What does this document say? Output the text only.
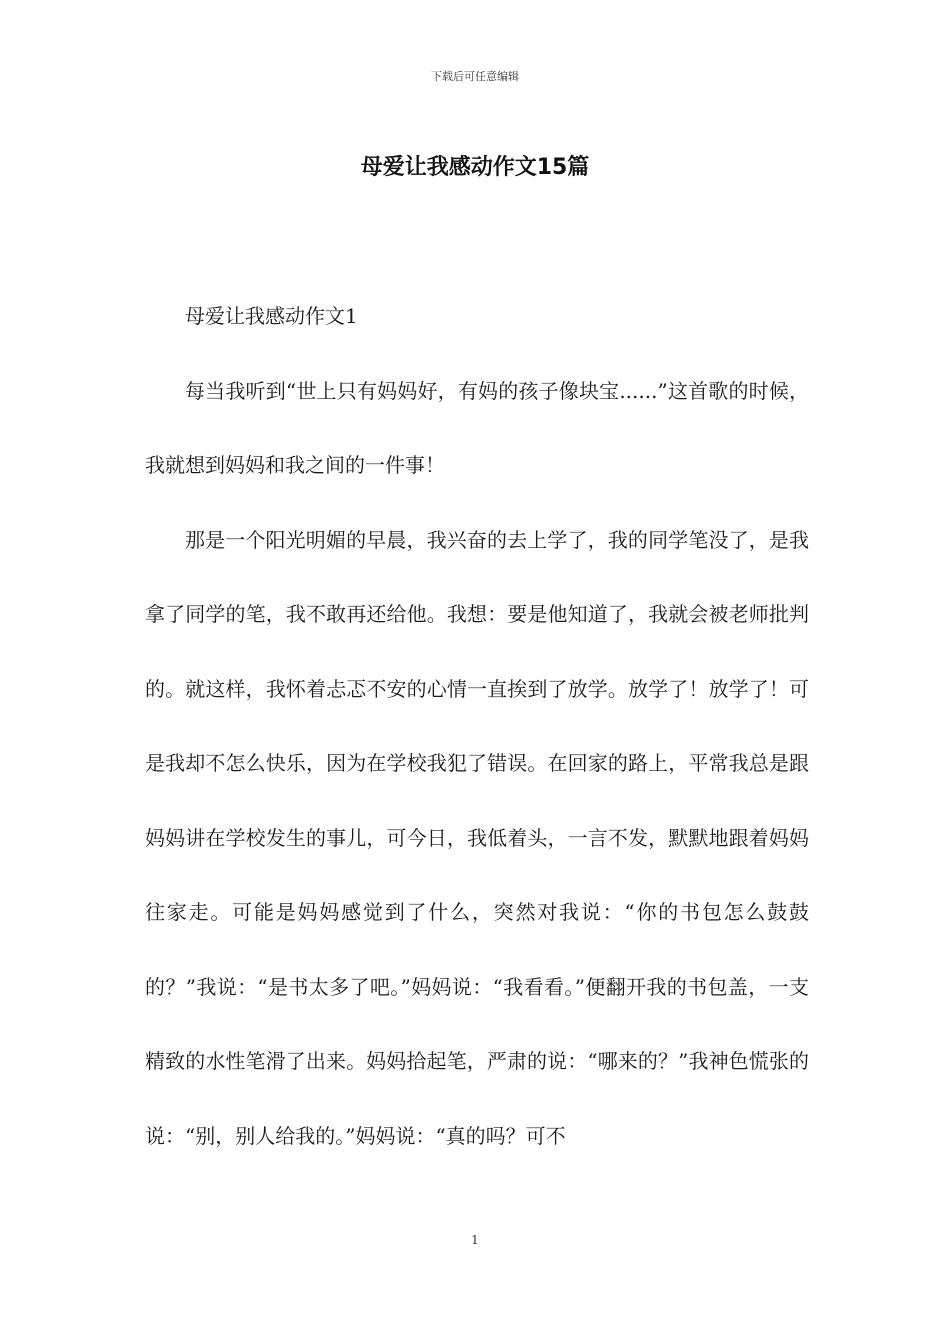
下载后可任意编辑
母爱让我感动作文15篇

母爱让我感动作文1

每当我听到“世上只有妈妈好，有妈的孩子像块宝......”这首歌的时候，我就想到妈妈和我之间的一件事！

那是一个阳光明媚的早晨，我兴奋的去上学了，我的同学笔没了，是我拿了同学的笔，我不敢再还给他。我想：要是他知道了，我就会被老师批判的。就这样，我怀着忐忑不安的心情一直挨到了放学。放学了！放学了！可是我却不怎么快乐，因为在学校我犯了错误。在回家的路上，平常我总是跟妈妈讲在学校发生的事儿，可今日，我低着头，一言不发，默默地跟着妈妈往家走。可能是妈妈感觉到了什么，突然对我说：“你的书包怎么鼓鼓的？”我说：“是书太多了吧。”妈妈说：“我看看。”便翻开我的书包盖，一支精致的水性笔滑了出来。妈妈拾起笔，严肃的说：“哪来的？”我神色慌张的说：“别，别人给我的。”妈妈说：“真的吗？可不

1
